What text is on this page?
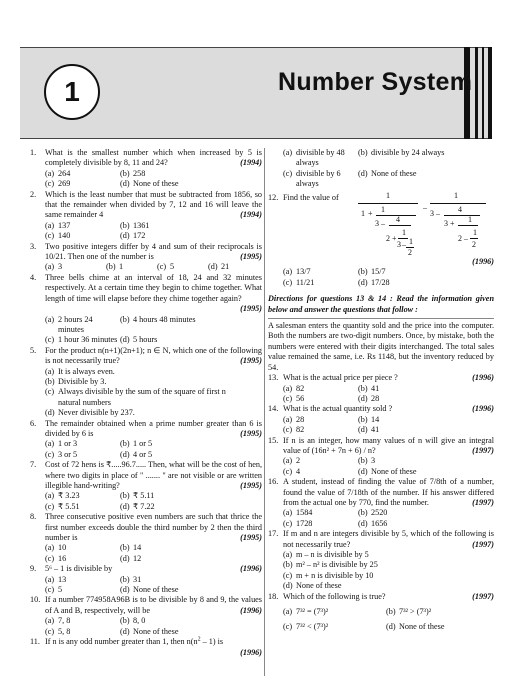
1	Number System
1.	What is the smallest number which when increased by 5 is completely divisible by 8, 11 and 24?	(1994)
(a) 264	(b) 258
(c) 269	(d) None of these
2.	Which is the least number that must be subtracted from 1856, so that the remainder when divided by 7, 12 and 16 will leave the same remainder 4	(1994)
(a) 137	(b) 1361
(c) 140	(d) 172
3.	Two positive integers differ by 4 and sum of their reciprocals is 10/21. Then one of the number is	(1995)
(a) 3	(b) 1	(c) 5	(d) 21
4.	Three bells chime at an interval of 18, 24 and 32 minutes respectively. At a certain time they begin to chime together. What length of time will elapse before they chime together again?
(1995)
(a) 2 hours 24 minutes
(b) 4 hours 48 minutes
(c) 1 hour 36 minutes (d) 5 hours
5.	For the product n(n+1)(2n+1); n ∈ N, which one of the following is not necessarily true?	(1995)
(a) It is always even.
(b) Divisible by 3.
(c) Always divisible by the sum of the square of first n
natural numbers
(d) Never divisible by 237.
6.	The remainder obtained when a prime number greater than 6 is divided by 6 is	(1995)
(a) 1 or 3	(b) 1 or 5
(c) 3 or 5	(d) 4 or 5
7.	Cost of 72 hens is ₹.....96.7..... Then, what will be the cost of hen, where two digits in place of " ....... " are not visible or are written illegible hand-writing?	(1995)
(a) ₹ 3.23	(b) ₹ 5.11
(c) ₹ 5.51	(d) ₹ 7.22
8.	Three consecutive positive even numbers are such that thrice the first number exceeds double the third number by 2 then the third number is	(1995)
(a) 10	(b) 14
(c) 16	(d) 12
9.	5⁶ – 1 is divisible by	(1996)
(a) 13	(b) 31
(c) 5	(d) None of these
10. If a number 774958A96B is to be divisible by 8 and 9, the values of A and B, respectively, will be	(1996)
(a) 7, 8	(b) 8, 0
(c) 5, 8	(d) None of these
11. If n is any odd number greater than 1, then $n(n^2 - 1)$ is
(1996)
(a) divisible by 48 always
(b) divisible by 24 always
(c) divisible by 6 always
(d) None of these
12. Find the value of	1
1 + 1
3 – 4
2 +
1
3 – 1
2
–
1
3 – 4
3 + 1
2 –
1
2
(1996)
(a) 13/7	(b) 15/7
(c) 11/21	(d) 17/28
Directions for questions 13 & 14 : Read the information given below and answer the questions that follow :
A salesman enters the quantity sold and the price into the computer. Both the numbers are two-digit numbers. Once, by mistake, both the numbers were entered with their digits interchanged. The total sales value remained the same, i.e. Rs 1148, but the inventory reduced by 54.
13. What is the actual price per piece ?	(1996)
(a) 82	(b) 41
(c) 56	(d) 28
14. What is the actual quantity sold ?	(1996)
(a) 28	(b) 14
(c) 82	(d) 41
15. If n is an integer, how many values of n will give an integral value of (16n² + 7n + 6) / n?	(1997)
(a) 2	(b) 3
(c) 4	(d) None of these
16. A student, instead of finding the value of 7/8th of a number, found the value of 7/18th of the number. If his answer differed from the actual one by 770, find the number.	(1997)
(a) 1584	(b) 2520
(c) 1728	(d) 1656
17. If m and n are integers divisible by 5, which of the following is not necessarily true?	(1997)
(a) m – n is divisible by 5
(b) m² – n² is divisible by 25
(c) m + n is divisible by 10
(d) None of these
18. Which of the following is true?	(1997)
(a) 7³² = (7³)²	(b) 7³² > (7³)²
(c) 7³² < (7³)²	(d) None of these
